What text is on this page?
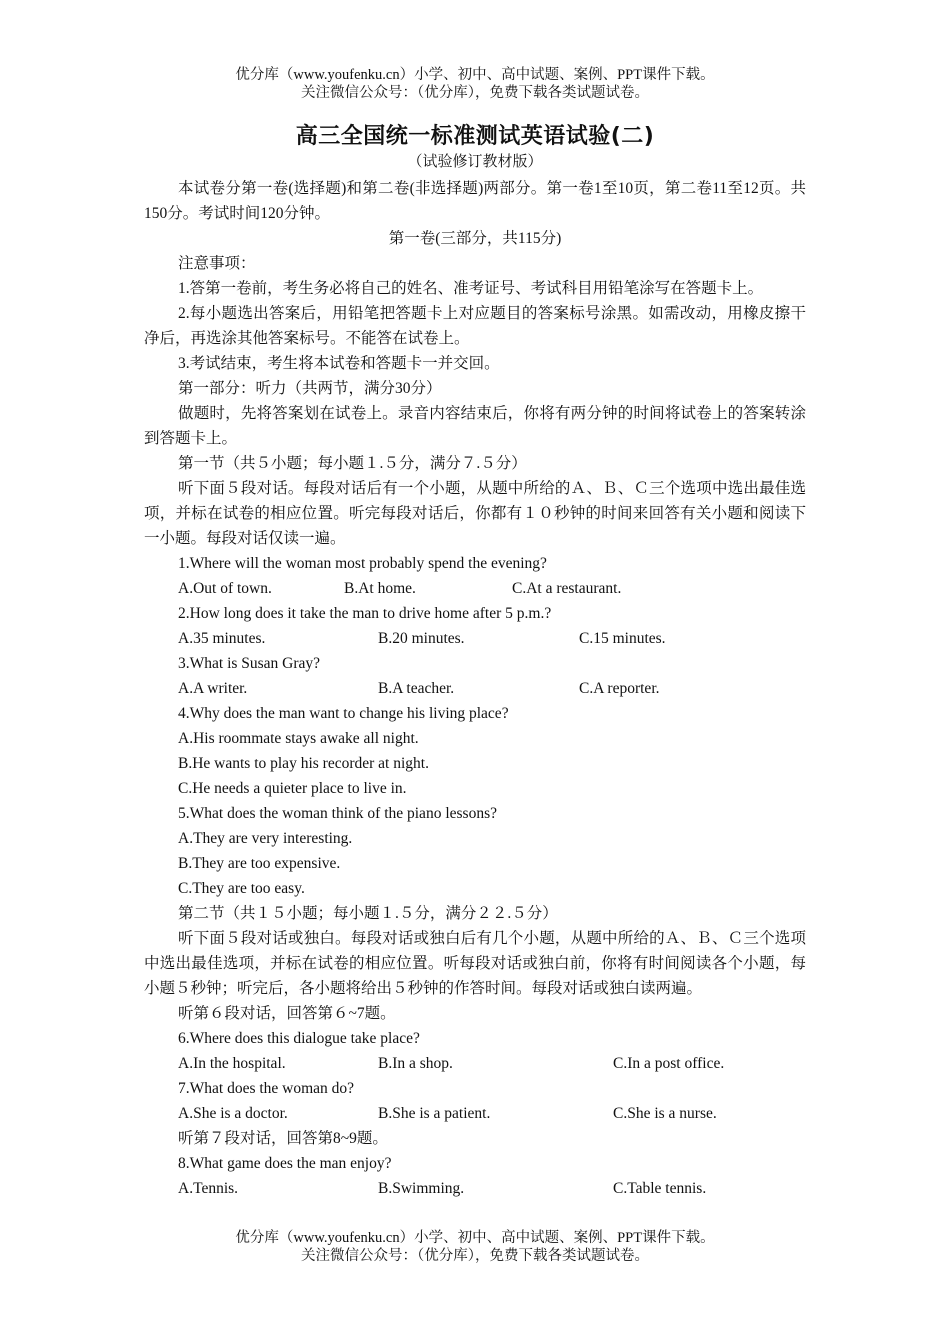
优分库（www.youfenku.cn）小学、初中、高中试题、案例、PPT课件下载。
关注微信公众号：（优分库），免费下载各类试题试卷。
高三全国统一标准测试英语试验(二)
（试验修订教材版）
本试卷分第一卷(选择题)和第二卷(非选择题)两部分。第一卷1至10页，第二卷11至12页。共150分。考试时间120分钟。
第一卷(三部分，共115分)
注意事项：
1.答第一卷前，考生务必将自己的姓名、准考证号、考试科目用铅笔涂写在答题卡上。
2.每小题选出答案后，用铅笔把答题卡上对应题目的答案标号涂黑。如需改动，用橡皮擦干净后，再选涂其他答案标号。不能答在试卷上。
3.考试结束，考生将本试卷和答题卡一并交回。
第一部分：听力（共两节，满分30分）
做题时，先将答案划在试卷上。录音内容结束后，你将有两分钟的时间将试卷上的答案转涂到答题卡上。
第一节（共５小题；每小题１.５分，满分７.５分）
听下面５段对话。每段对话后有一个小题，从题中所给的Ａ、Ｂ、Ｃ三个选项中选出最佳选项，并标在试卷的相应位置。听完每段对话后，你都有１０秒钟的时间来回答有关小题和阅读下一小题。每段对话仅读一遍。
1.Where will the woman most probably spend the evening?
A.Out of town.	B.At home.	C.At a restaurant.
2.How long does it take the man to drive home after 5 p.m.?
A.35 minutes.	B.20 minutes.	C.15 minutes.
3.What is Susan Gray?
A.A writer.	B.A teacher.	C.A reporter.
4.Why does the man want to change his living place?
A.His roommate stays awake all night.
B.He wants to play his recorder at night.
C.He needs a quieter place to live in.
5.What does the woman think of the piano lessons?
A.They are very interesting.
B.They are too expensive.
C.They are too easy.
第二节（共１５小题；每小题１.５分，满分２２.５分）
听下面５段对话或独白。每段对话或独白后有几个小题，从题中所给的Ａ、Ｂ、Ｃ三个选项中选出最佳选项，并标在试卷的相应位置。听每段对话或独白前，你将有时间阅读各个小题，每小题５秒钟；听完后，各小题将给出５秒钟的作答时间。每段对话或独白读两遍。
听第６段对话，回答第６~7题。
6.Where does this dialogue take place?
A.In the hospital.	B.In a shop.	C.In a post office.
7.What does the woman do?
A.She is a doctor.	B.She is a patient.	C.She is a nurse.
听第７段对话，回答第8~9题。
8.What game does the man enjoy?
A.Tennis.	B.Swimming.	C.Table tennis.
优分库（www.youfenku.cn）小学、初中、高中试题、案例、PPT课件下载。
关注微信公众号：（优分库），免费下载各类试题试卷。
